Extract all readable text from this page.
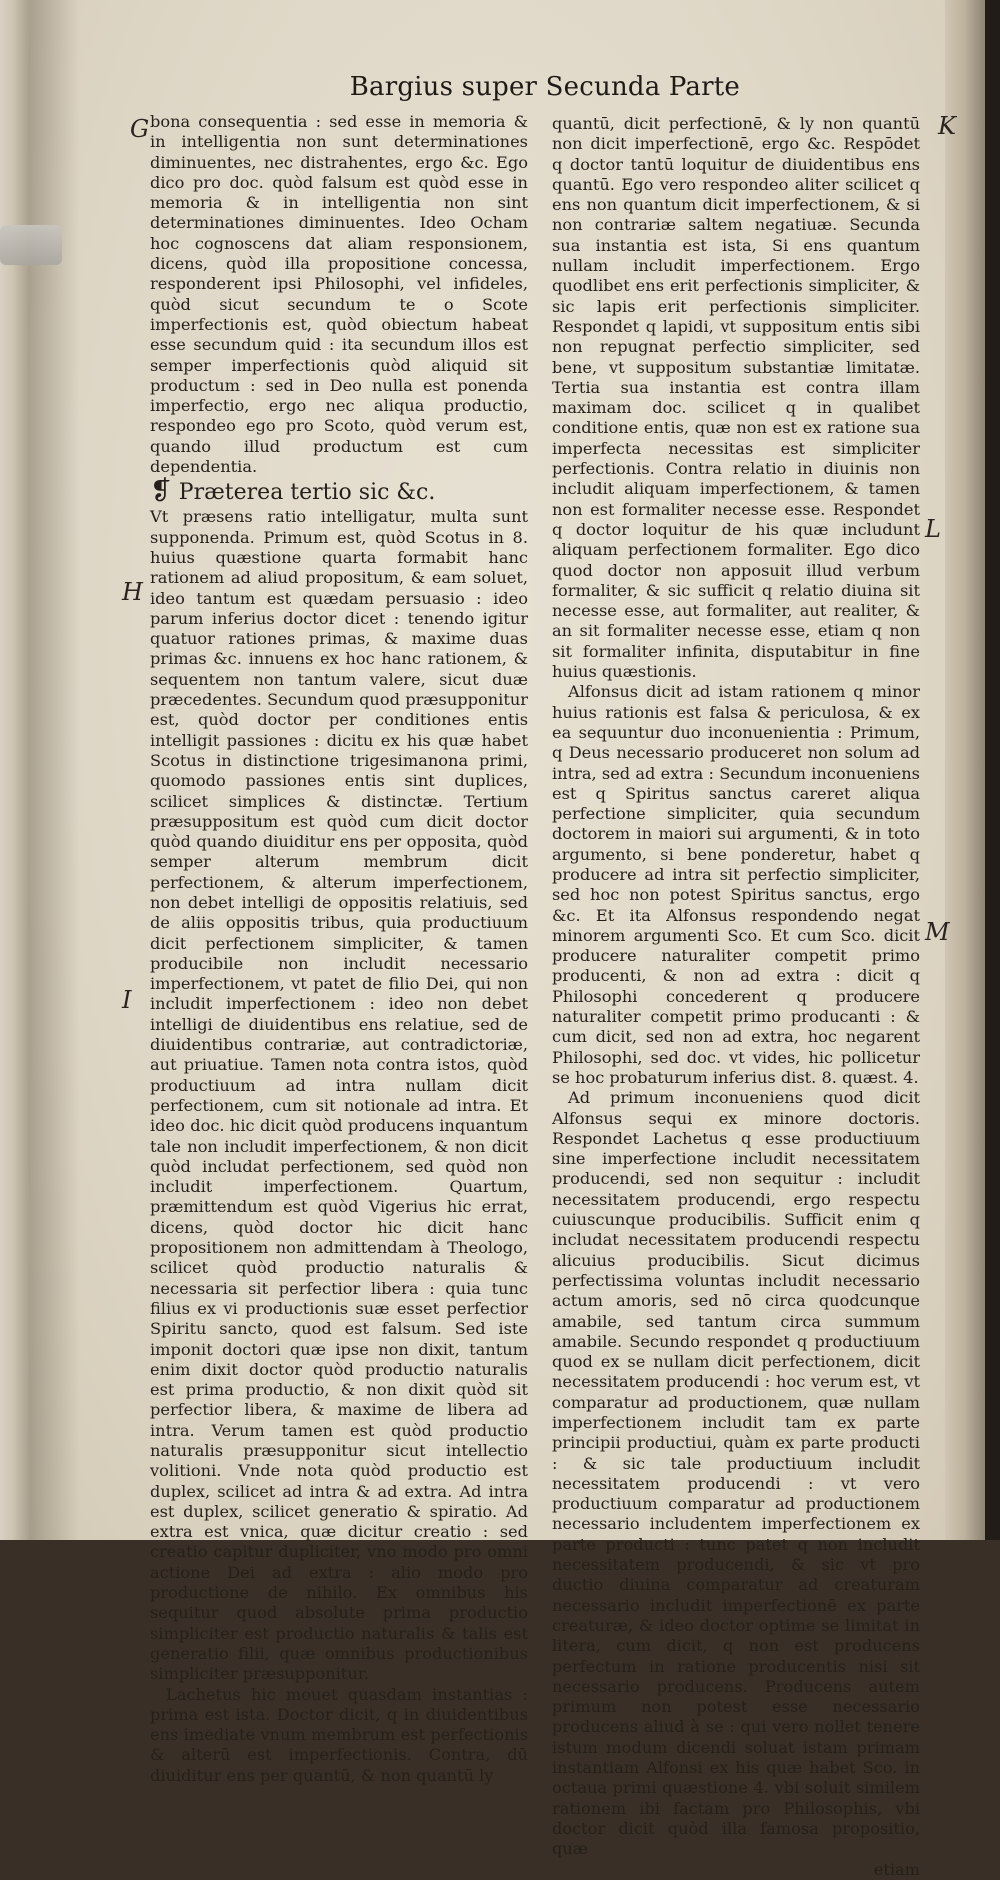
Bargius super Secunda Parte
G
H
I
K
L
M

bona consequentia : sed esse in memoria & in intelligentia non sunt determinationes diminuentes, nec distrahentes, ergo &c. Ego dico pro doc. quòd falsum est quòd esse in memoria & in intelligentia non sint determinationes diminuentes. Ideo Ocham hoc cognoscens dat aliam responsionem, dicens, quòd illa propositione concessa, responderent ipsi Philosophi, vel infideles, quòd sicut secundum te o Scote imperfectionis est, quòd obiectum habeat esse secundum quid : ita secundum illos est semper imperfectionis quòd aliquid sit productum : sed in Deo nulla est ponenda imperfectio, ergo nec aliqua productio, respondeo ego pro Scoto, quòd verum est, quando illud productum est cum dependentia.

❡ Præterea tertio sic &c.

Vt præsens ratio intelligatur, multa sunt supponenda. Primum est, quòd Scotus in 8. huius quæstione quarta formabit hanc rationem ad aliud propositum, & eam soluet, ideo tantum est quædam persuasio : ideo parum inferius doctor dicet : tenendo igitur quatuor rationes primas, & maxime duas primas &c. innuens ex hoc hanc rationem, & sequentem non tantum valere, sicut duæ præcedentes. Secundum quod præsupponitur est, quòd doctor per conditiones entis intelligit passiones : dicitu ex his quæ habet Scotus in distinctione trigesimanona primi, quomodo passiones entis sint duplices, scilicet simplices & distinctæ. Tertium præsuppositum est quòd cum dicit doctor quòd quando diuiditur ens per opposita, quòd semper alterum membrum dicit perfectionem, & alterum imperfectionem, non debet intelligi de oppositis relatiuis, sed de aliis oppositis tribus, quia productiuum dicit perfectionem simpliciter, & tamen producibile non includit necessario imperfectionem, vt patet de filio Dei, qui non includit imperfectionem : ideo non debet intelligi de diuidentibus ens relatiue, sed de diuidentibus contrariæ, aut contradictoriæ, aut priuatiue. Tamen nota contra istos, quòd productiuum ad intra nullam dicit perfectionem, cum sit notionale ad intra. Et ideo doc. hic dicit quòd producens inquantum tale non includit imperfectionem, & non dicit quòd includat perfectionem, sed quòd non includit imperfectionem. Quartum, præmittendum est quòd Vigerius hic errat, dicens, quòd doctor hic dicit hanc propositionem non admittendam à Theologo, scilicet quòd productio naturalis & necessaria sit perfectior libera : quia tunc filius ex vi productionis suæ esset perfectior Spiritu sancto, quod est falsum. Sed iste imponit doctori quæ ipse non dixit, tantum enim dixit doctor quòd productio naturalis est prima productio, & non dixit quòd sit perfectior libera, & maxime de libera ad intra. Verum tamen est quòd productio naturalis præsupponitur sicut intellectio volitioni. Vnde nota quòd productio est duplex, scilicet ad intra & ad extra. Ad intra est duplex, scilicet generatio & spiratio. Ad extra est vnica, quæ dicitur creatio : sed creatio capitur dupliciter, vno modo pro omni actione Dei ad extra : alio modo pro productione de nihilo. Ex omnibus his sequitur quod absolute prima productio simpliciter est productio naturalis & talis est generatio filii, quæ omnibus productionibus simpliciter præsupponitur.

Lachetus hic mouet quasdam instantias : prima est ista. Doctor dicit, q in diuidentibus ens imediate vnum membrum est perfectionis & alterū est imperfectionis. Contra, dū diuiditur ens per quantū, & non quantū ly

quantū, dicit perfectionē, & ly non quantū non dicit imperfectionē, ergo &c. Respōdet q doctor tantū loquitur de diuidentibus ens quantū. Ego vero respondeo aliter scilicet q ens non quantum dicit imperfectionem, & si non contrariæ saltem negatiuæ. Secunda sua instantia est ista, Si ens quantum nullam includit imperfectionem. Ergo quodlibet ens erit perfectionis simpliciter, & sic lapis erit perfectionis simpliciter. Respondet q lapidi, vt suppositum entis sibi non repugnat perfectio simpliciter, sed bene, vt suppositum substantiæ limitatæ. Tertia sua instantia est contra illam maximam doc. scilicet q in qualibet conditione entis, quæ non est ex ratione sua imperfecta necessitas est simpliciter perfectionis. Contra relatio in diuinis non includit aliquam imperfectionem, & tamen non est formaliter necesse esse. Respondet q doctor loquitur de his quæ includunt aliquam perfectionem formaliter. Ego dico quod doctor non apposuit illud verbum formaliter, & sic sufficit q relatio diuina sit necesse esse, aut formaliter, aut realiter, & an sit formaliter necesse esse, etiam q non sit formaliter infinita, disputabitur in fine huius quæstionis.

Alfonsus dicit ad istam rationem q minor huius rationis est falsa & periculosa, & ex ea sequuntur duo inconuenientia : Primum, q Deus necessario produceret non solum ad intra, sed ad extra : Secundum inconueniens est q Spiritus sanctus careret aliqua perfectione simpliciter, quia secundum doctorem in maiori sui argumenti, & in toto argumento, si bene ponderetur, habet q producere ad intra sit perfectio simpliciter, sed hoc non potest Spiritus sanctus, ergo &c. Et ita Alfonsus respondendo negat minorem argumenti Sco. Et cum Sco. dicit producere naturaliter competit primo producenti, & non ad extra : dicit q Philosophi concederent q producere naturaliter competit primo producanti : & cum dicit, sed non ad extra, hoc negarent Philosophi, sed doc. vt vides, hic pollicetur se hoc probaturum inferius dist. 8. quæst. 4.

Ad primum inconueniens quod dicit Alfonsus sequi ex minore doctoris. Respondet Lachetus q esse productiuum sine imperfectione includit necessitatem producendi, sed non sequitur : includit necessitatem producendi, ergo respectu cuiuscunque producibilis. Sufficit enim q includat necessitatem producendi respectu alicuius producibilis. Sicut dicimus perfectissima voluntas includit necessario actum amoris, sed nō circa quodcunque amabile, sed tantum circa summum amabile. Secundo respondet q productiuum quod ex se nullam dicit perfectionem, dicit necessitatem producendi : hoc verum est, vt comparatur ad productionem, quæ nullam imperfectionem includit tam ex parte principii productiui, quàm ex parte producti : & sic tale productiuum includit necessitatem producendi : vt vero productiuum comparatur ad productionem necessario includentem imperfectionem ex parte producti : tunc patet q non includit necessitatem producendi, & sic vt pro ductio diuina comparatur ad creaturam necessario includit imperfectionē ex parte creaturæ, & ideo doctor optime se limitat in litera, cum dicit, q non est producens perfectum in ratione producentis nisi sit necessario producens. Producens autem primum non potest esse necessario producens aliud à se : qui vero nollet tenere istum modum dicendi soluat istam primam instantiam Alfonsi ex his quæ habet Sco. in octaua primi quæstione 4. vbi soluit similem rationem ibi factam pro Philosophis, vbi doctor dicit quòd illa famosa propositio, quæ

etiam
